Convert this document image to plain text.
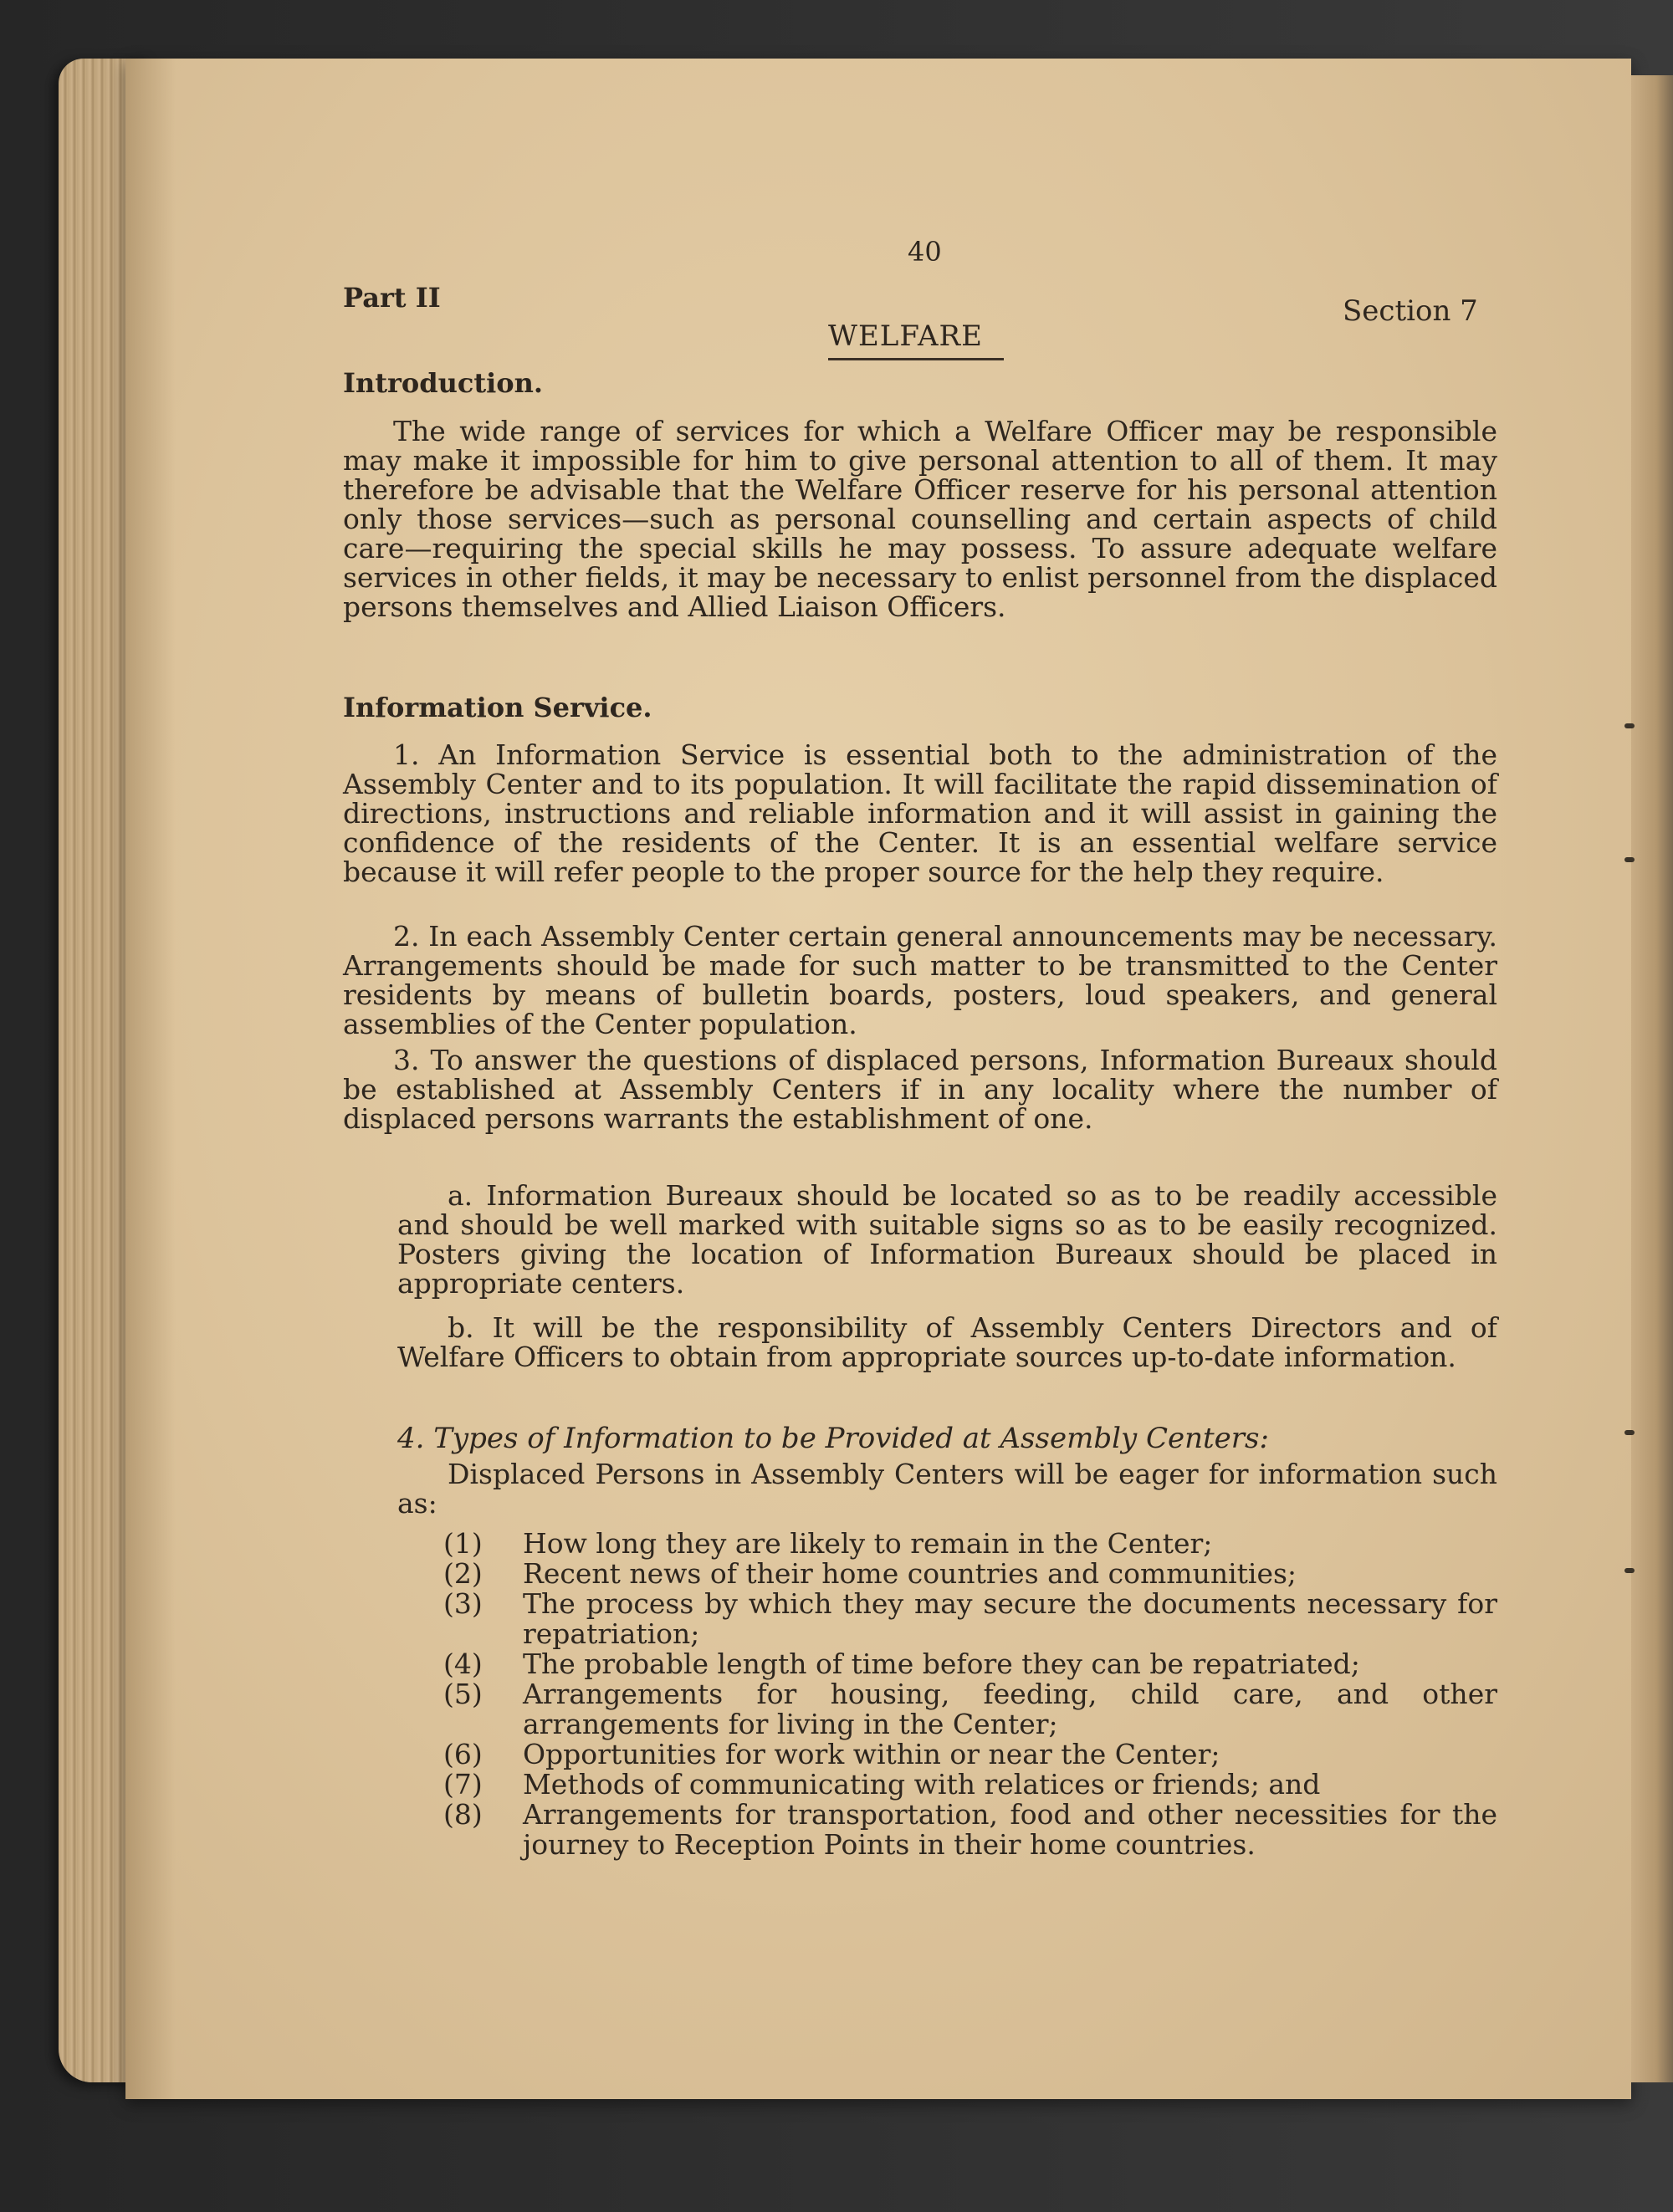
40
Part II	Section 7
WELFARE
Introduction.
The wide range of services for which a Welfare Officer may be responsible may make it impossible for him to give personal attention to all of them. It may therefore be advisable that the Welfare Officer reserve for his personal attention only those services—such as personal counselling and certain aspects of child care—requiring the special skills he may possess. To assure adequate welfare services in other fields, it may be necessary to enlist personnel from the displaced persons themselves and Allied Liaison Officers.
Information Service.
1. An Information Service is essential both to the administration of the Assembly Center and to its population. It will facilitate the rapid dissemination of directions, instructions and reliable information and it will assist in gaining the confidence of the residents of the Center. It is an essential welfare service because it will refer people to the proper source for the help they require.
2. In each Assembly Center certain general announcements may be necessary. Arrangements should be made for such matter to be transmitted to the Center residents by means of bulletin boards, posters, loud speakers, and general assemblies of the Center population.
3. To answer the questions of displaced persons, Information Bureaux should be established at Assembly Centers if in any locality where the number of displaced persons warrants the establishment of one.
a. Information Bureaux should be located so as to be readily accessible and should be well marked with suitable signs so as to be easily recognized. Posters giving the location of Information Bureaux should be placed in appropriate centers.
b. It will be the responsibility of Assembly Centers Directors and of Welfare Officers to obtain from appropriate sources up-to-date information.
4. Types of Information to be Provided at Assembly Centers:
Displaced Persons in Assembly Centers will be eager for information such as:
(1)	How long they are likely to remain in the Center;
(2)	Recent news of their home countries and communities;
(3)	The process by which they may secure the documents necessary for repatriation;
(4)	The probable length of time before they can be repatriated;
(5)	Arrangements for housing, feeding, child care, and other arrangements for living in the Center;
(6)	Opportunities for work within or near the Center;
(7)	Methods of communicating with relatices or friends; and
(8)	Arrangements for transportation, food and other necessities for the journey to Reception Points in their home countries.
